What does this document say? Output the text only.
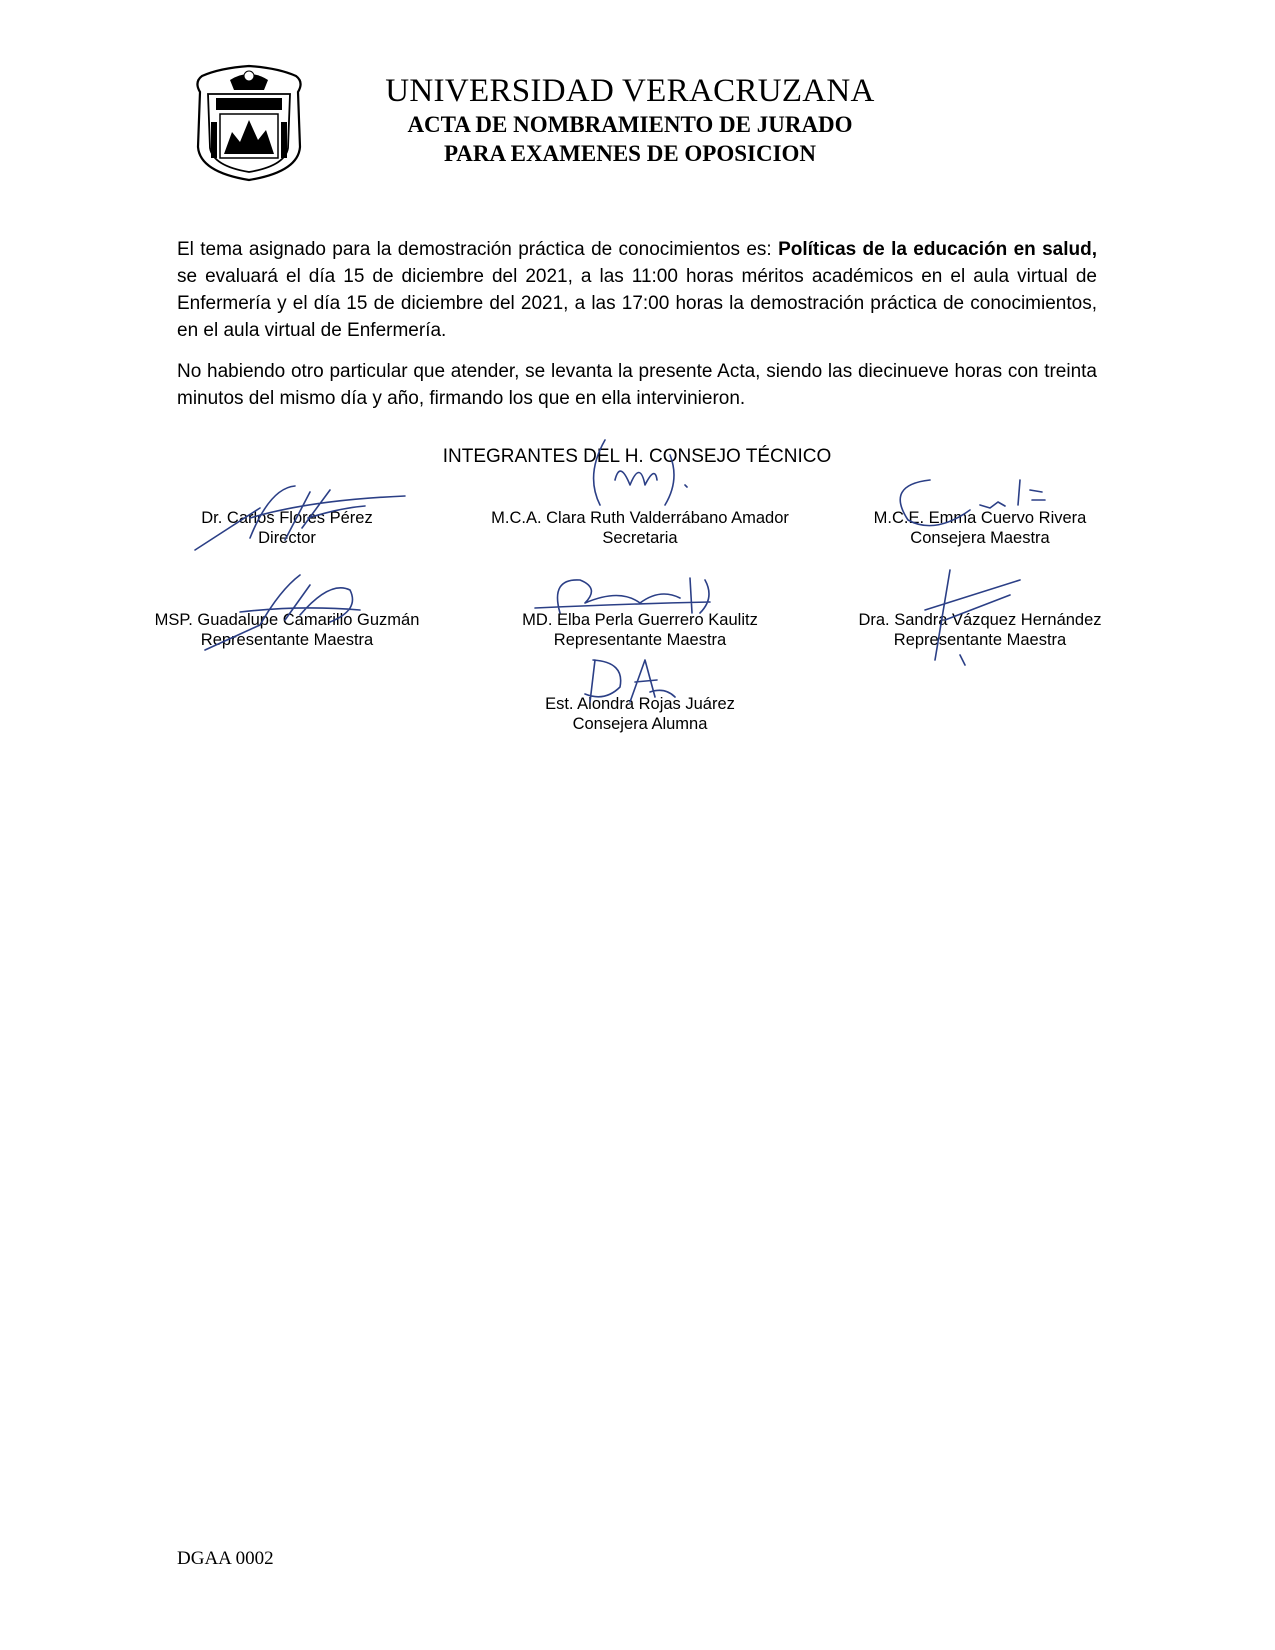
UNIVERSIDAD VERACRUZANA
ACTA DE NOMBRAMIENTO DE JURADO
PARA EXAMENES DE OPOSICION

El tema asignado para la demostración práctica de conocimientos es: Políticas de la educación en salud, se evaluará el día 15 de diciembre del 2021, a las 11:00 horas méritos académicos en el aula virtual de Enfermería y el día 15 de diciembre del 2021, a las 17:00 horas la demostración práctica de conocimientos, en el aula virtual de Enfermería.

No habiendo otro particular que atender, se levanta la presente Acta, siendo las diecinueve horas con treinta minutos del mismo día y año, firmando los que en ella intervinieron.

INTEGRANTES DEL H. CONSEJO TÉCNICO
Dr. Carlos Flores Pérez
Director
M.C.A. Clara Ruth Valderrábano Amador
Secretaria
M.C.E. Emma Cuervo Rivera
Consejera Maestra
MSP. Guadalupe Camarillo Guzmán
Representante Maestra
MD. Elba Perla Guerrero Kaulitz
Representante Maestra
Dra. Sandra Vázquez Hernández
Representante Maestra
Est. Alondra Rojas Juárez
Consejera Alumna
DGAA 0002
